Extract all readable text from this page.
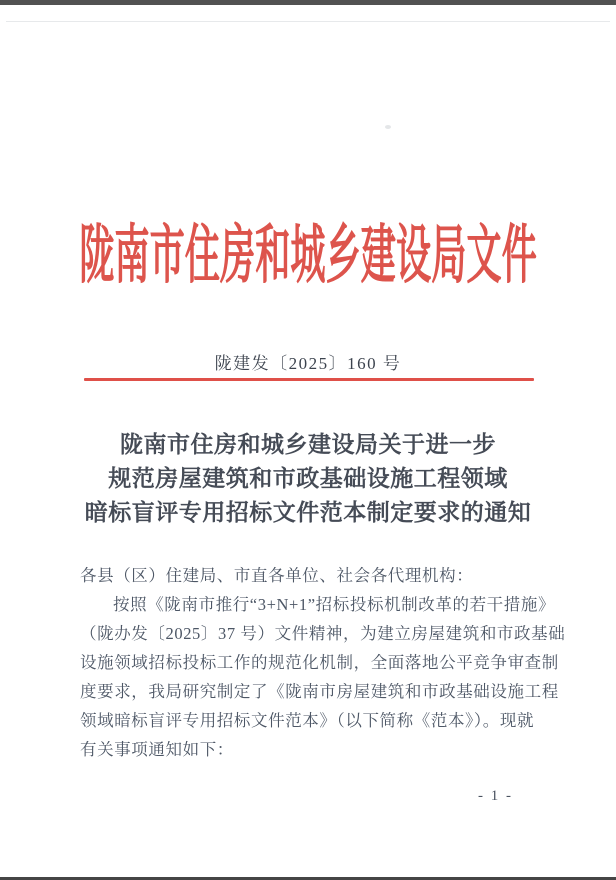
陇南市住房和城乡建设局文件
陇建发〔2025〕160 号
陇南市住房和城乡建设局关于进一步
规范房屋建筑和市政基础设施工程领域
暗标盲评专用招标文件范本制定要求的通知
各县（区）住建局、市直各单位、社会各代理机构：
按照《陇南市推行“3+N+1”招标投标机制改革的若干措施》
（陇办发〔2025〕37 号）文件精神，为建立房屋建筑和市政基础
设施领域招标投标工作的规范化机制，全面落地公平竞争审查制
度要求，我局研究制定了《陇南市房屋建筑和市政基础设施工程
领域暗标盲评专用招标文件范本》（以下简称《范本》）。现就
有关事项通知如下：
- 1 -
